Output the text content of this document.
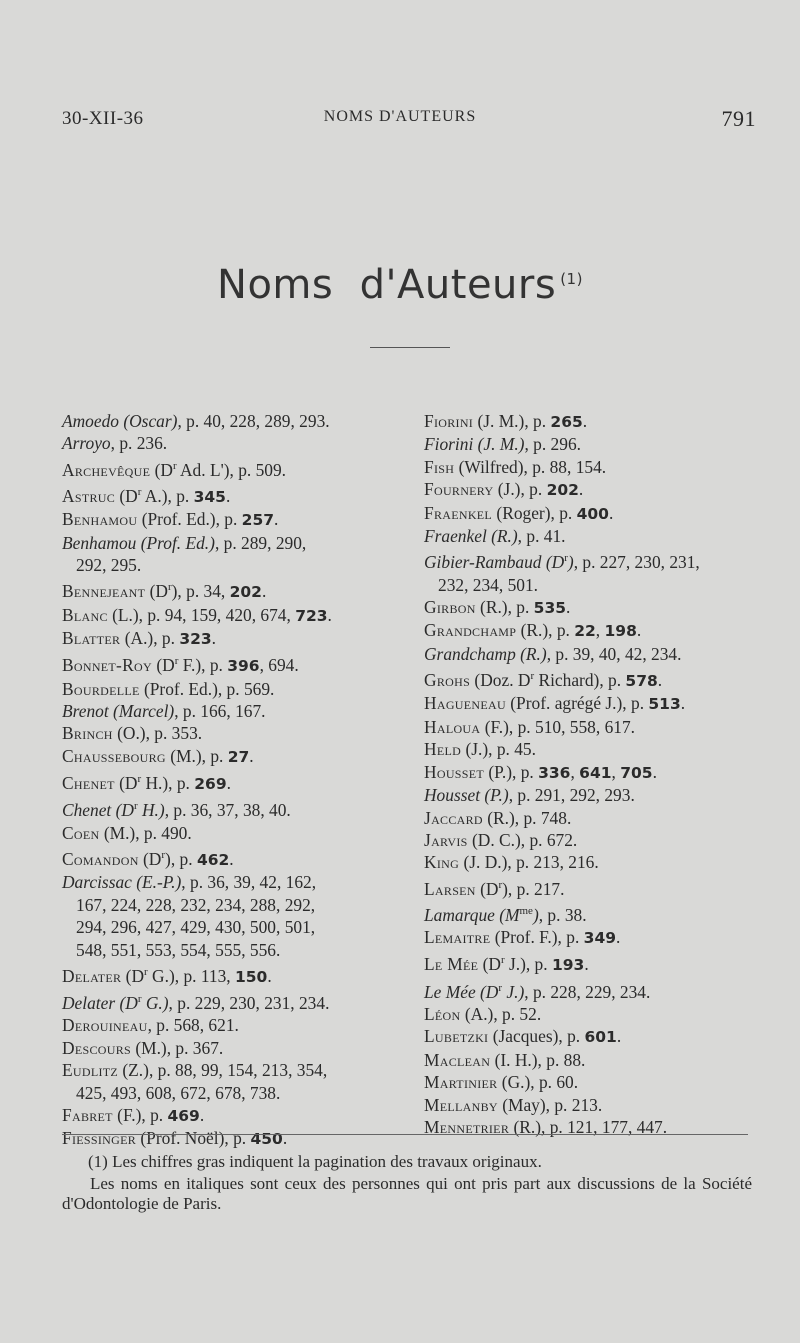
30-XII-36	NOMS D'AUTEURS	791
Noms  d'Auteurs $^{(1)}$
Amoedo (Oscar), p. 40, 228, 289, 293.
Arroyo, p. 236.
Archevêque ($D^r$ Ad. L'), p. 509.
Astruc ($D^r$ A.), p. 345.
Benhamou (Prof. Ed.), p. 257.
Benhamou (Prof. Ed.), p. 289, 290,
292, 295.
Bennejeant $(D^r)$, p. 34, 202.
Blanc (L.), p. 94, 159, 420, 674, 723.
Blatter (A.), p. 323.
Bonnet-Roy ($D^r$ F.), p. 396, 694.
Bourdelle (Prof. Ed.), p. 569.
Brenot (Marcel), p. 166, 167.
Brinch (O.), p. 353.
Chaussebourg (M.), p. 27.
Chenet ($D^r$ H.), p. 269.
Chenet ($D^r$ H.), p. 36, 37, 38, 40.
Coen (M.), p. 490.
Comandon $(D^r)$, p. 462.
Darcissac (E.-P.), p. 36, 39, 42, 162,
167, 224, 228, 232, 234, 288, 292,
294, 296, 427, 429, 430, 500, 501,
548, 551, 553, 554, 555, 556.
Delater ($D^r$ G.), p. 113, 150.
Delater ($D^r$ G.), p. 229, 230, 231, 234.
Derouineau, p. 568, 621.
Descours (M.), p. 367.
Eudlitz (Z.), p. 88, 99, 154, 213, 354,
425, 493, 608, 672, 678, 738.
Fabret (F.), p. 469.
Fiessinger (Prof. Noël), p. 450.
Fiorini (J. M.), p. 265.
Fiorini (J. M.), p. 296.
Fish (Wilfred), p. 88, 154.
Fournery (J.), p. 202.
Fraenkel (Roger), p. 400.
Fraenkel (R.), p. 41.
Gibier-Rambaud $(D^r)$, p. 227, 230, 231,
232, 234, 501.
Girbon (R.), p. 535.
Grandchamp (R.), p. 22, 198.
Grandchamp (R.), p. 39, 40, 42, 234.
Grohs (Doz. $D^r$ Richard), p. 578.
Hagueneau (Prof. agrégé J.), p. 513.
Haloua (F.), p. 510, 558, 617.
Held (J.), p. 45.
Housset (P.), p. 336, 641, 705.
Housset (P.), p. 291, 292, 293.
Jaccard (R.), p. 748.
Jarvis (D. C.), p. 672.
King (J. D.), p. 213, 216.
Larsen $(D^r)$, p. 217.
Lamarque $(M^{me})$, p. 38.
Lemaitre (Prof. F.), p. 349.
Le Mée ($D^r$ J.), p. 193.
Le Mée ($D^r$ J.), p. 228, 229, 234.
Léon (A.), p. 52.
Lubetzki (Jacques), p. 601.
Maclean (I. H.), p. 88.
Martinier (G.), p. 60.
Mellanby (May), p. 213.
Mennetrier (R.), p. 121, 177, 447.
(1) Les chiffres gras indiquent la pagination des travaux originaux.
Les noms en italiques sont ceux des personnes qui ont pris part aux discussions de la Société d'Odontologie de Paris.
